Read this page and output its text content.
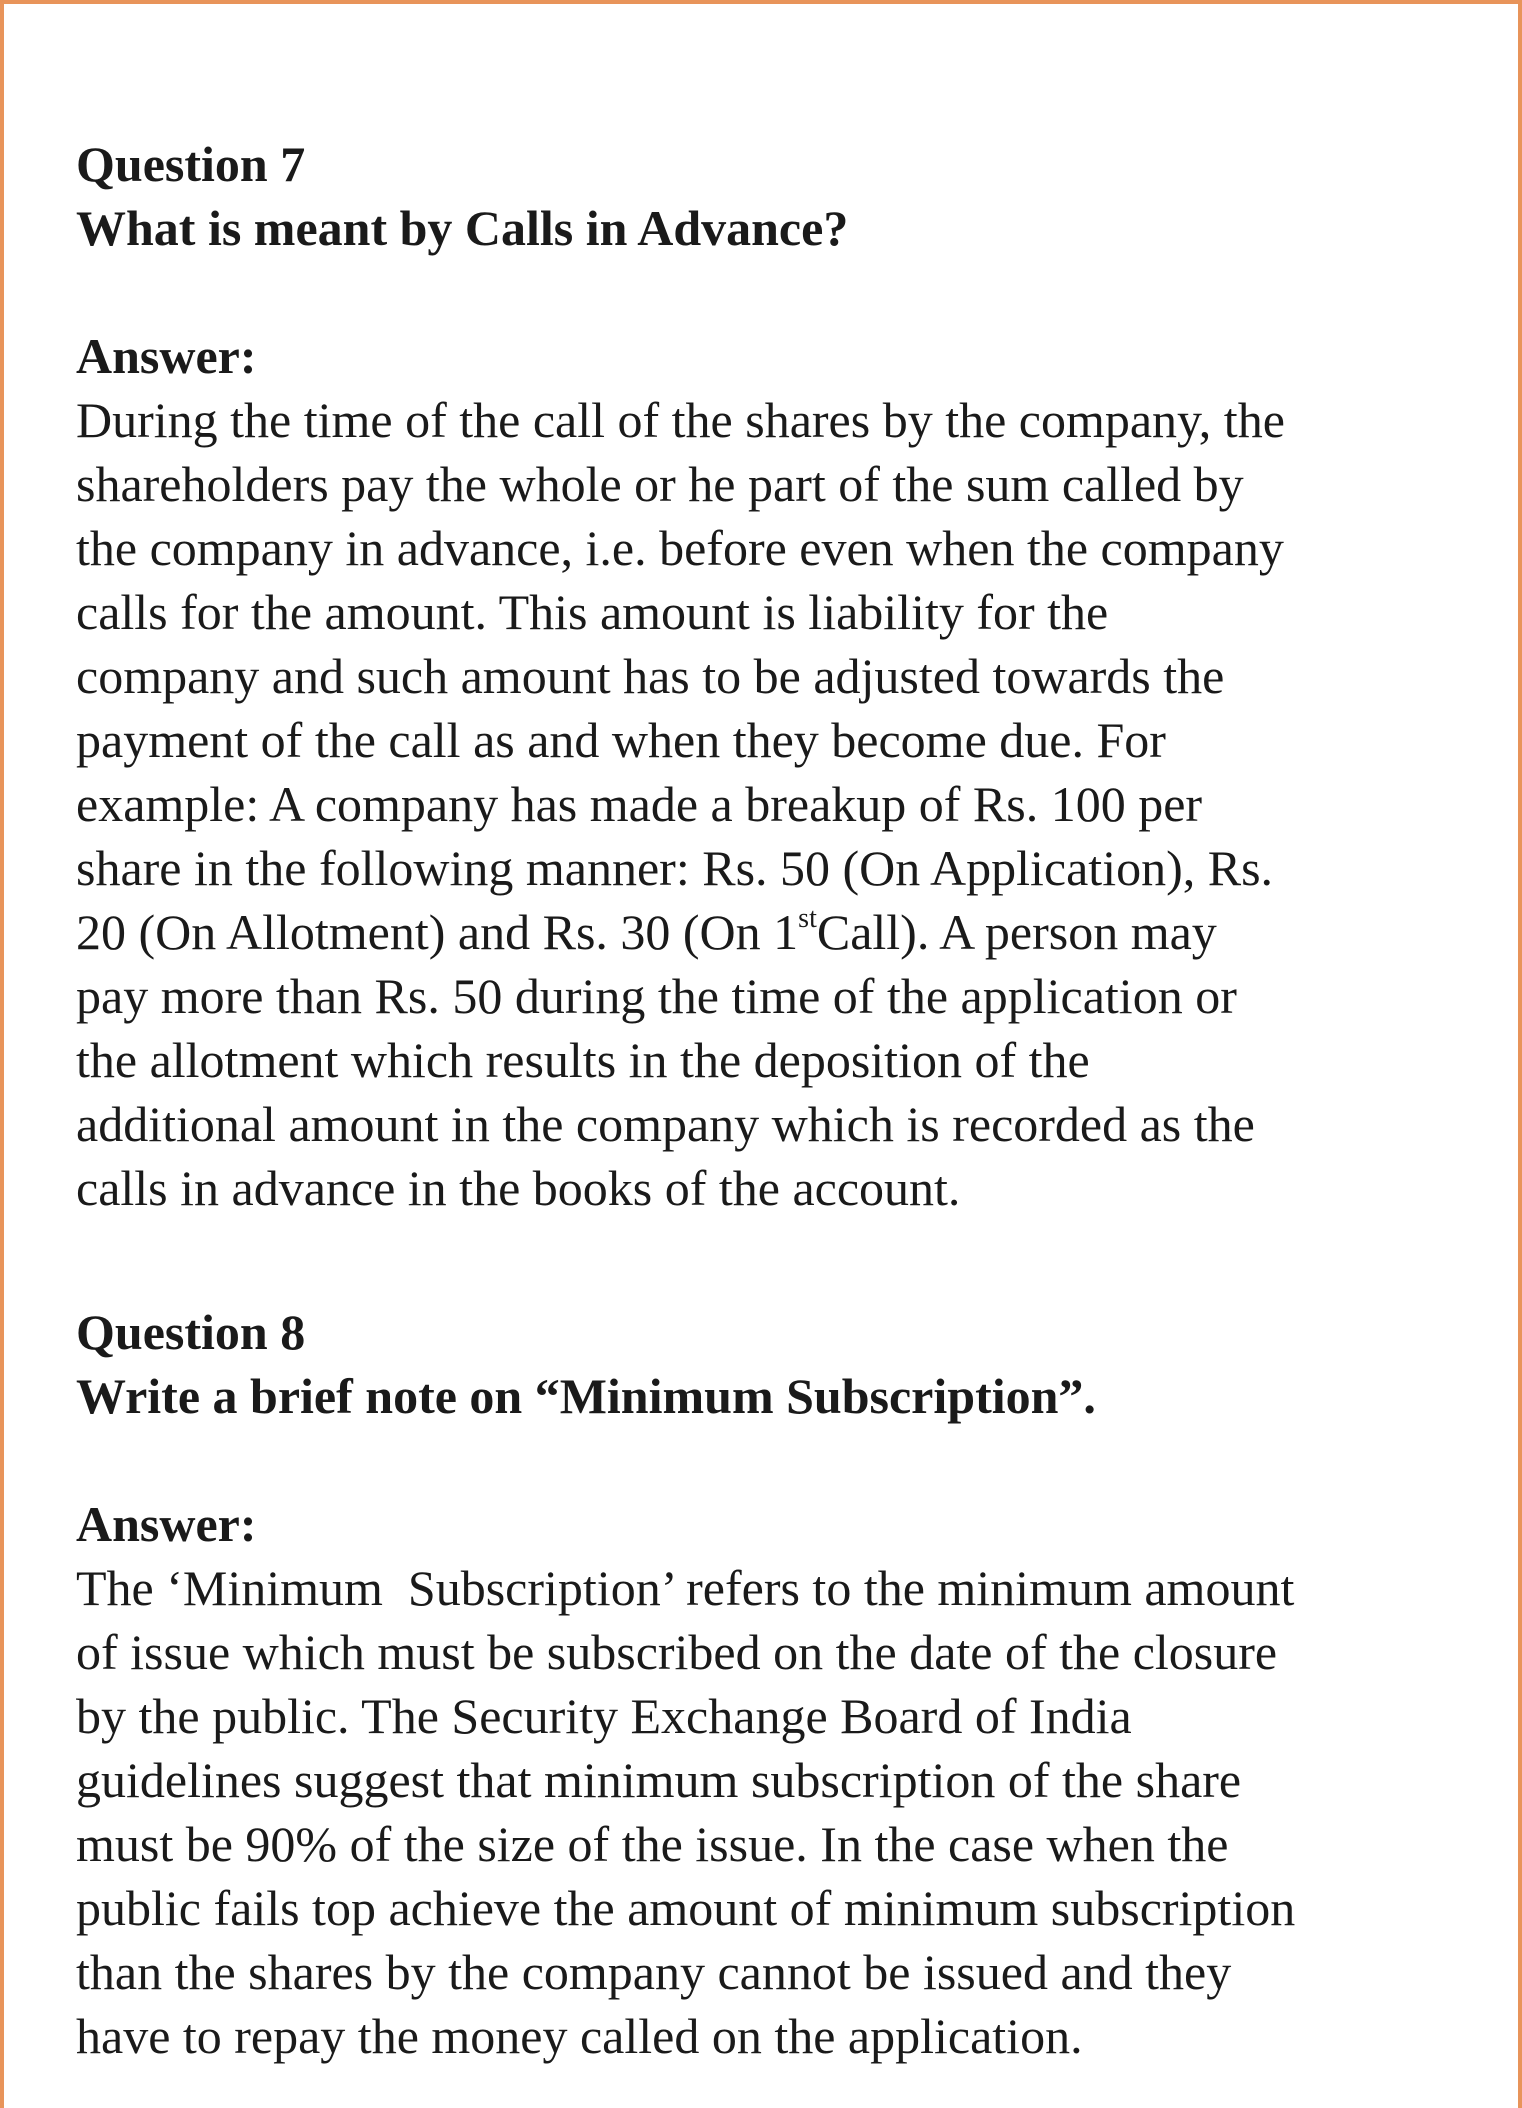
Question 7

What is meant by Calls in Advance?

Answer:

During the time of the call of the shares by the company, the
shareholders pay the whole or he part of the sum called by
the company in advance, i.e. before even when the company
calls for the amount. This amount is liability for the
company and such amount has to be adjusted towards the
payment of the call as and when they become due. For
example: A company has made a breakup of Rs. 100 per
share in the following manner: Rs. 50 (On Application), Rs.
20 (On Allotment) and Rs. 30 (On 1stCall). A person may
pay more than Rs. 50 during the time of the application or
the allotment which results in the deposition of the
additional amount in the company which is recorded as the
calls in advance in the books of the account.

Question 8

Write a brief note on “Minimum Subscription”.

Answer:

The ‘Minimum  Subscription’ refers to the minimum amount
of issue which must be subscribed on the date of the closure
by the public. The Security Exchange Board of India
guidelines suggest that minimum subscription of the share
must be 90% of the size of the issue. In the case when the
public fails top achieve the amount of minimum subscription
than the shares by the company cannot be issued and they
have to repay the money called on the application.
